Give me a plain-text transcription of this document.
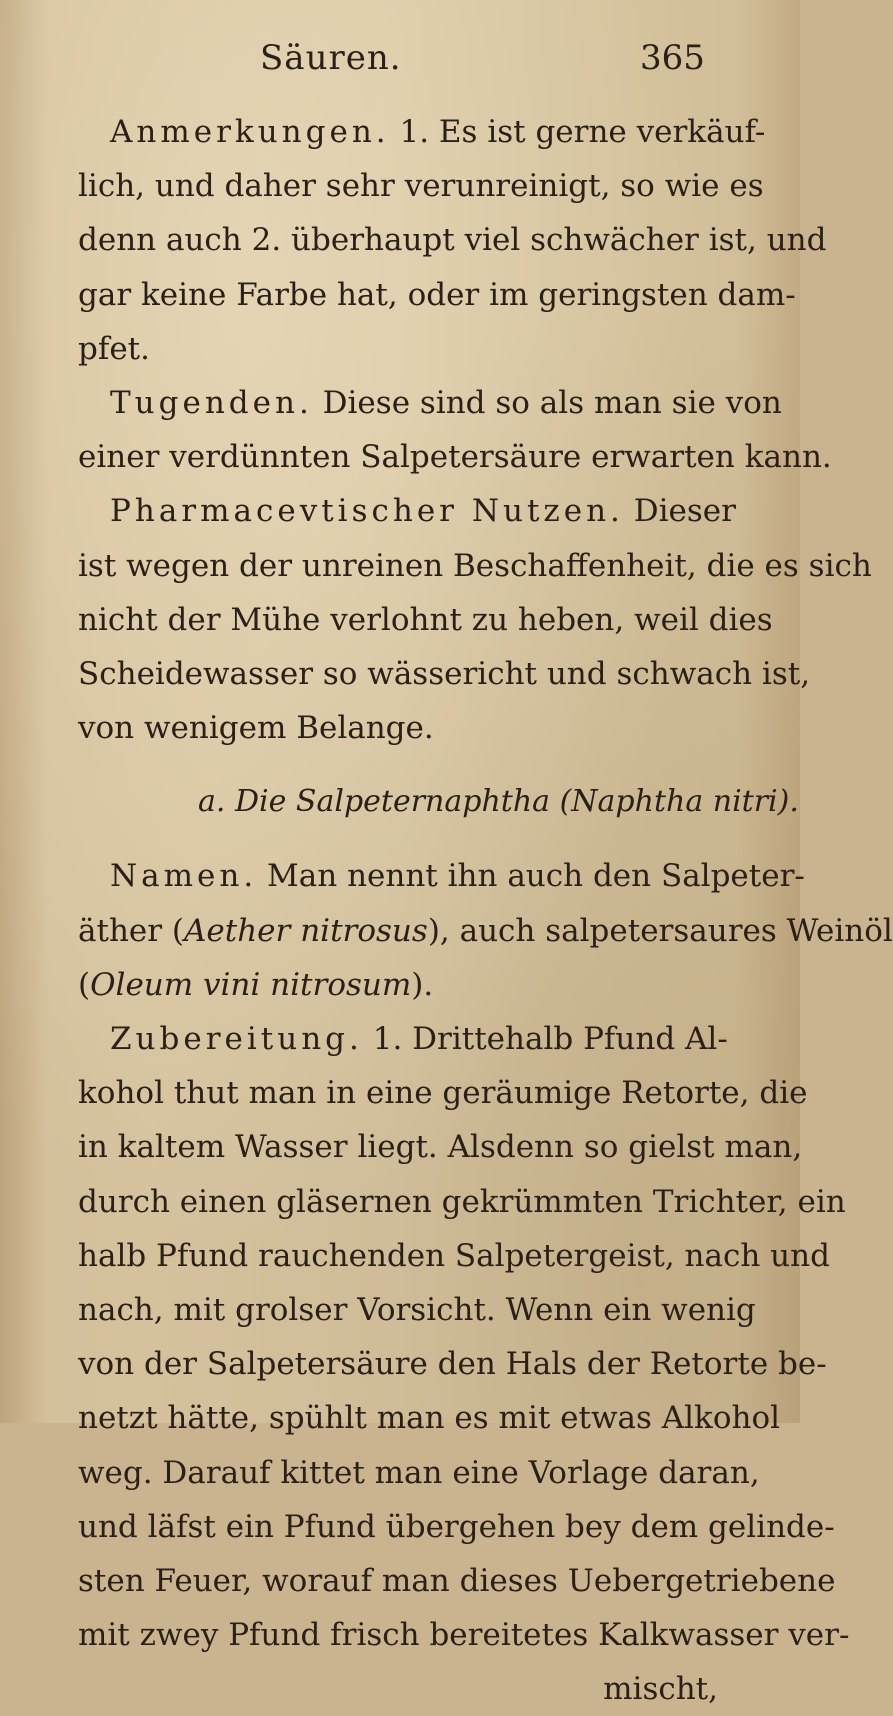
Säuren.	365
Anmerkungen. 1. Es ist gerne verkäuf-
lich, und daher sehr verunreinigt, so wie es
denn auch 2. überhaupt viel schwächer ist, und
gar keine Farbe hat, oder im geringsten dam-
pfet.
Tugenden. Diese sind so als man sie von
einer verdünnten Salpetersäure erwarten kann.
Pharmacevtischer Nutzen. Dieser
ist wegen der unreinen Beschaffenheit, die es sich
nicht der Mühe verlohnt zu heben, weil dies
Scheidewasser so wässericht und schwach ist,
von wenigem Belange.
a. Die Salpeternaphtha (Naphtha nitri).
Namen. Man nennt ihn auch den Salpeter-
äther (Aether nitrosus), auch salpetersaures Weinöl
(Oleum vini nitrosum).
Zubereitung. 1. Drittehalb Pfund Al-
kohol thut man in eine geräumige Retorte, die
in kaltem Wasser liegt. Alsdenn so gielst man,
durch einen gläsernen gekrümmten Trichter, ein
halb Pfund rauchenden Salpetergeist, nach und
nach, mit grolser Vorsicht. Wenn ein wenig
von der Salpetersäure den Hals der Retorte be-
netzt hätte, spühlt man es mit etwas Alkohol
weg. Darauf kittet man eine Vorlage daran,
und läfst ein Pfund übergehen bey dem gelinde-
sten Feuer, worauf man dieses Uebergetriebene
mit zwey Pfund frisch bereitetes Kalkwasser ver-
mischt,
